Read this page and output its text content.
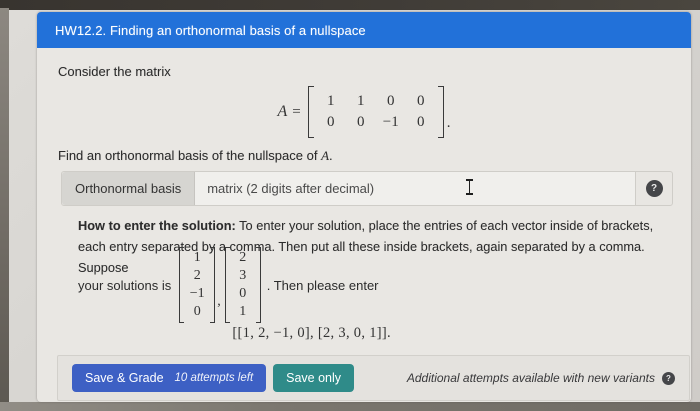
HW12.2. Finding an orthonormal basis of a nullspace
Consider the matrix
A =
1	1	0	0
0	0	−1	0	.
Find an orthonormal basis of the nullspace of A.
Orthonormal basis
matrix (2 digits after decimal)	?

How to enter the solution: To enter your solution, place the entries of each vector inside of brackets, each entry separated by a comma. Then put all these inside brackets, again separated by a comma. Suppose

your solutions is
1
2
−1
0
,
2
3
0
1
. Then please enter
[[1, 2, −1, 0], [2, 3, 0, 1]].
Save & Grade 10 attempts left	Save only	Additional attempts available with new variants ?
